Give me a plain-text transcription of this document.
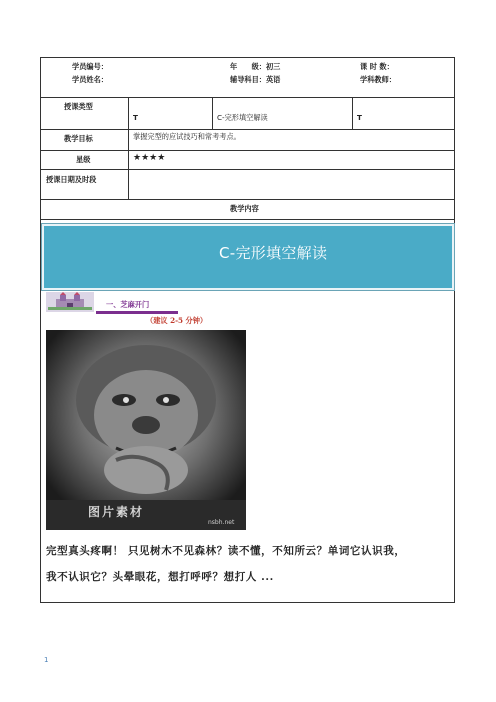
学员编号：	年　　级：初三	课 时 数：
学员姓名：	辅导科目：英语	学科教师：
授课类型
T	C-完形填空解读	T
教学目标	掌握完型的应试技巧和常考考点。
星级	★★★★
授课日期及时段
教学内容
C-完形填空解读
一、芝麻开门
（建议 2-5 分钟）
图片素材
nsbh.net
完型真头疼啊！ 只见树木不见森林？读不懂，不知所云？单词它认识我，
我不认识它？头晕眼花，想打呼呼？想打人 ...
1
